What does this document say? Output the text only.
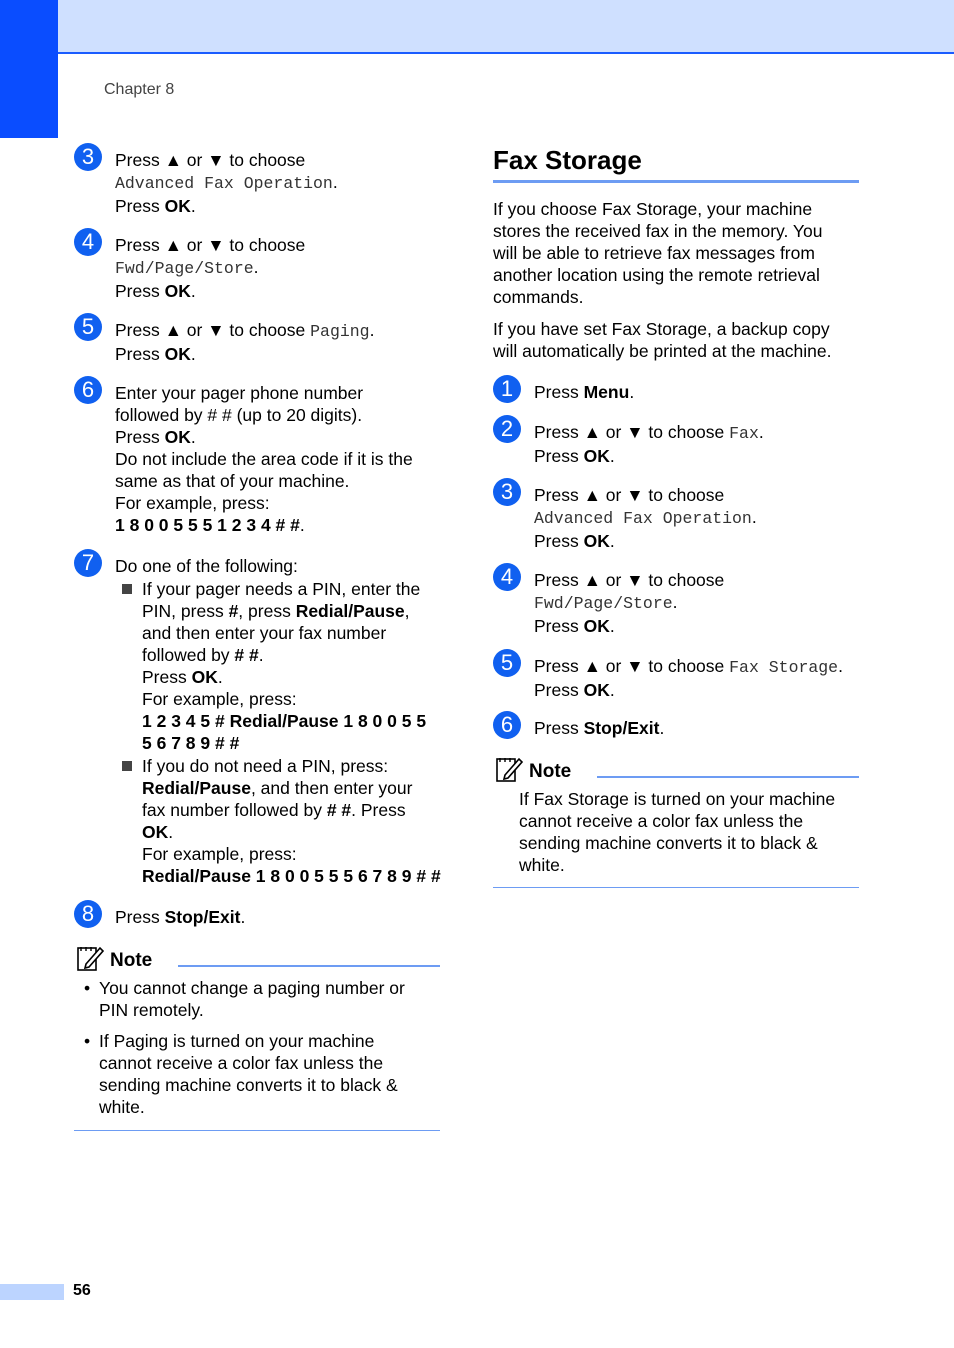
Chapter 8
3	Press ▲ or ▼ to choose
Advanced Fax Operation.
Press OK.
4	Press ▲ or ▼ to choose
Fwd/Page/Store.
Press OK.
5	Press ▲ or ▼ to choose Paging.
Press OK.
6	Enter your pager phone number
followed by # # (up to 20 digits).
Press OK.
Do not include the area code if it is the
same as that of your machine.
For example, press:
1 8 0 0 5 5 5 1 2 3 4 # #.
7	Do one of the following:
If your pager needs a PIN, enter the
PIN, press #, press Redial/Pause,
and then enter your fax number
followed by # #.
Press OK.
For example, press:
1 2 3 4 5 # Redial/Pause 1 8 0 0 5 5
5 6 7 8 9 # #
If you do not need a PIN, press:
Redial/Pause, and then enter your
fax number followed by # #. Press
OK.
For example, press:
Redial/Pause 1 8 0 0 5 5 5 6 7 8 9 # #
8	Press Stop/Exit.
Note
• You cannot change a paging number or
PIN remotely.
• If Paging is turned on your machine
cannot receive a color fax unless the
sending machine converts it to black &
white.
Fax Storage
If you choose Fax Storage, your machine
stores the received fax in the memory. You
will be able to retrieve fax messages from
another location using the remote retrieval
commands.
If you have set Fax Storage, a backup copy
will automatically be printed at the machine.
1	Press Menu.
2	Press ▲ or ▼ to choose Fax.
Press OK.
3	Press ▲ or ▼ to choose
Advanced Fax Operation.
Press OK.
4	Press ▲ or ▼ to choose
Fwd/Page/Store.
Press OK.
5	Press ▲ or ▼ to choose Fax Storage.
Press OK.
6	Press Stop/Exit.
Note
If Fax Storage is turned on your machine
cannot receive a color fax unless the
sending machine converts it to black &
white.
56
